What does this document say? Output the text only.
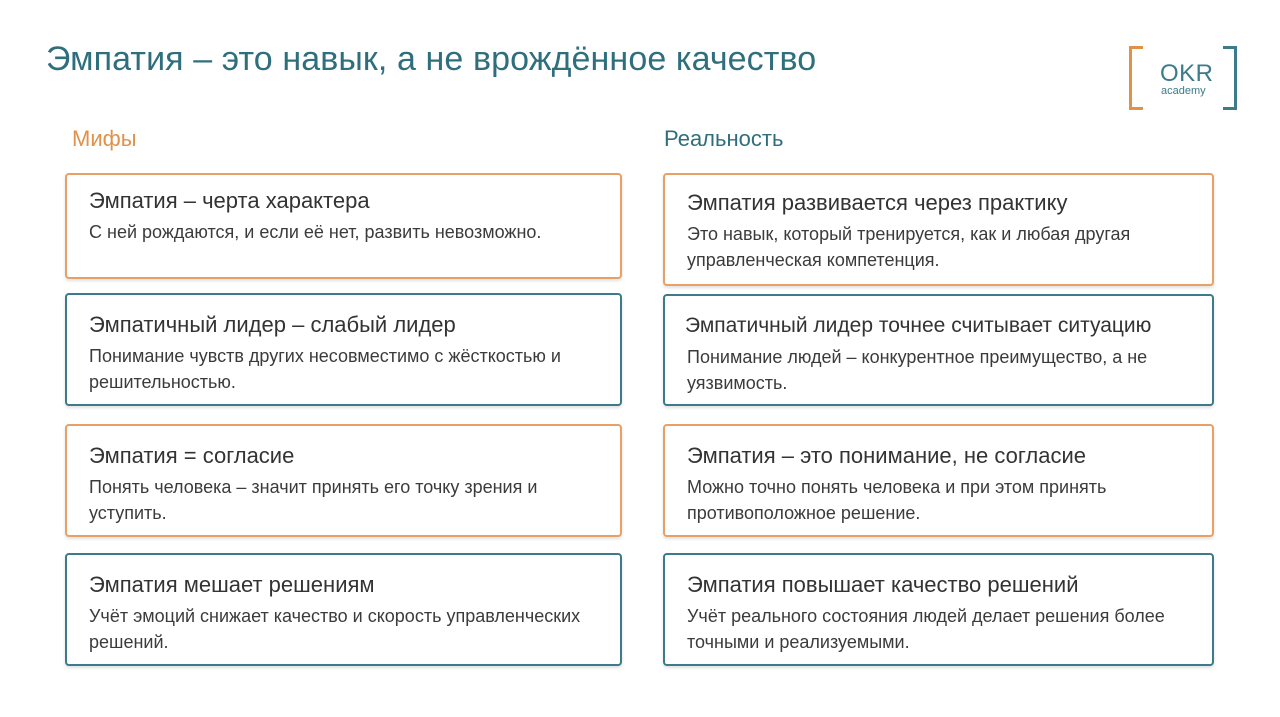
Эмпатия – это навык, а не врождённое качество	OKR
academy
Мифы	Реальность
Эмпатия – черта характера
С ней рождаются, и если её нет, развить невозможно.
Эмпатичный лидер – слабый лидер
Понимание чувств других несовместимо с жёсткостью и решительностью.
Эмпатия = согласие
Понять человека – значит принять его точку зрения и уступить.
Эмпатия мешает решениям
Учёт эмоций снижает качество и скорость управленческих решений.
Эмпатия развивается через практику
Это навык, который тренируется, как и любая другая управленческая компетенция.
Эмпатичный лидер точнее считывает ситуацию
Понимание людей – конкурентное преимущество, а не уязвимость.
Эмпатия – это понимание, не согласие
Можно точно понять человека и при этом принять противоположное решение.
Эмпатия повышает качество решений
Учёт реального состояния людей делает решения более точными и реализуемыми.
